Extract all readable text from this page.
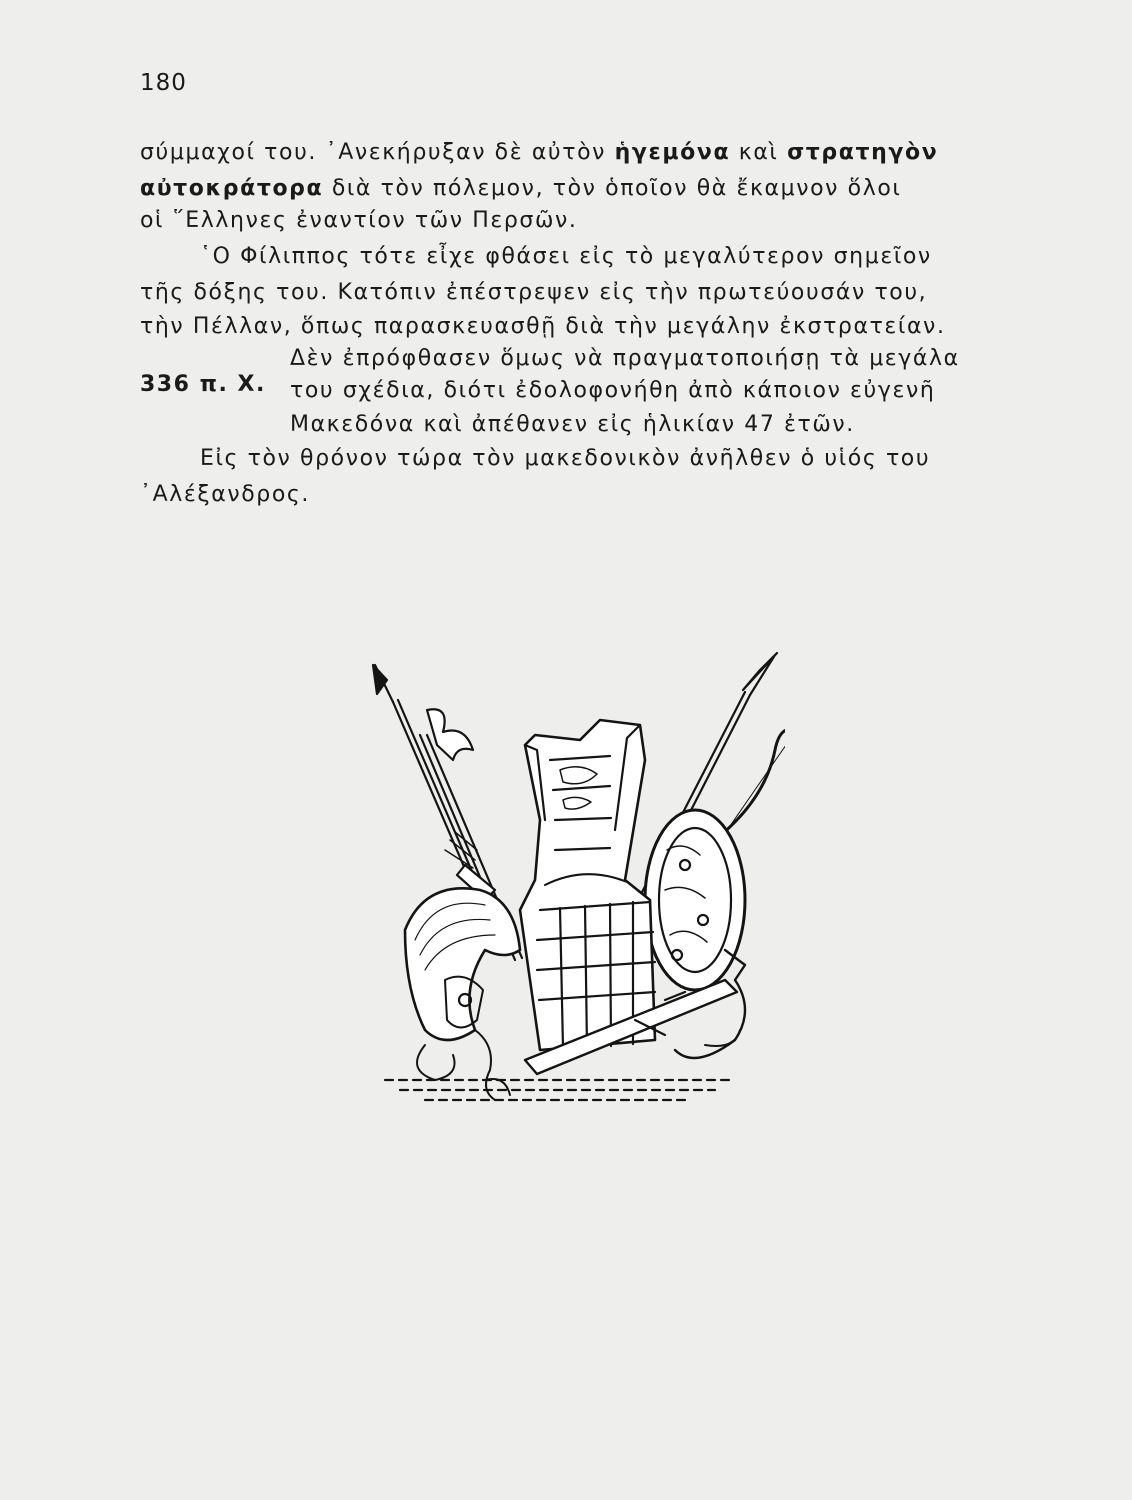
180
336 π. Χ.
σύμμαχοί του. ᾿Ανεκήρυξαν δὲ αὐτὸν ἡγεμόνα καὶ στρατηγὸν
αὐτοκράτορα διὰ τὸν πόλεμον, τὸν ὁποῖον θὰ ἔκαμνον ὅλοι
οἱ ῞Ελληνες ἐναντίον τῶν Περσῶν.
῾Ο Φίλιππος τότε εἶχε φθάσει εἰς τὸ μεγαλύτερον σημεῖον
τῆς δόξης του. Κατόπιν ἐπέστρεψεν εἰς τὴν πρωτεύουσάν του,
τὴν Πέλλαν, ὅπως παρασκευασθῇ διὰ τὴν μεγάλην ἐκστρατείαν.
Δὲν ἐπρόφθασεν ὅμως νὰ πραγματοποιήσῃ τὰ μεγάλα
του σχέδια, διότι ἐδολοφονήθη ἀπὸ κάποιον εὐγενῆ
Μακεδόνα καὶ ἀπέθανεν εἰς ἡλικίαν 47 ἐτῶν.
Εἰς τὸν θρόνον τώρα τὸν μακεδονικὸν ἀνῆλθεν ὁ υἱός του
᾿Αλέξανδρος.
